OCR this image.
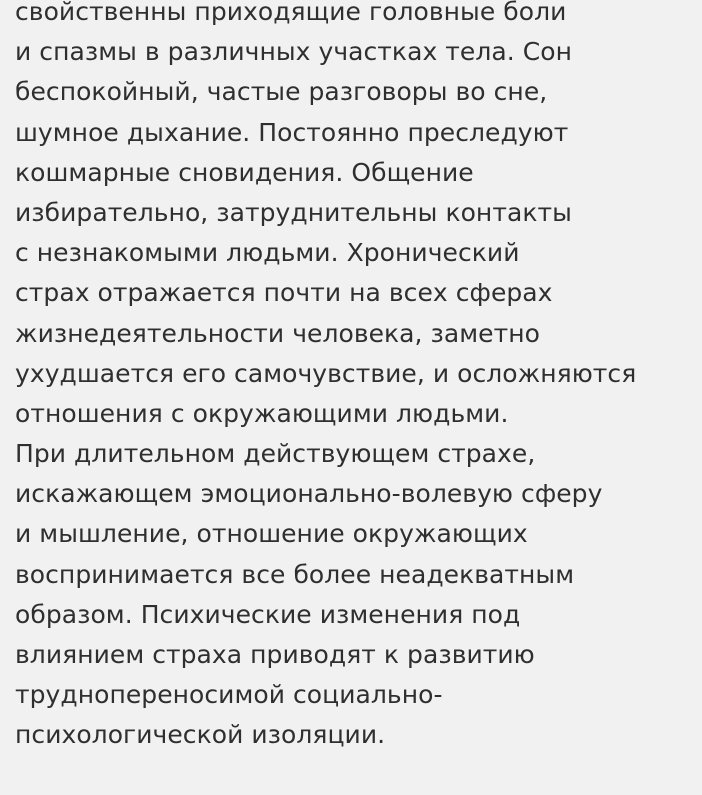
свойственны приходящие головные боли
и спазмы в различных участках тела. Сон
беспокойный, частые разговоры во сне,
шумное дыхание. Постоянно преследуют
кошмарные сновидения. Общение
избирательно, затруднительны контакты
с незнакомыми людьми. Хронический
страх отражается почти на всех сферах
жизнедеятельности человека, заметно
ухудшается его самочувствие, и осложняются
отношения с окружающими людьми.
При длительном действующем страхе,
искажающем эмоционально-волевую сферу
и мышление, отношение окружающих
воспринимается все более неадекватным
образом. Психические изменения под
влиянием страха приводят к развитию
труднопереносимой социально-
психологической изоляции.
